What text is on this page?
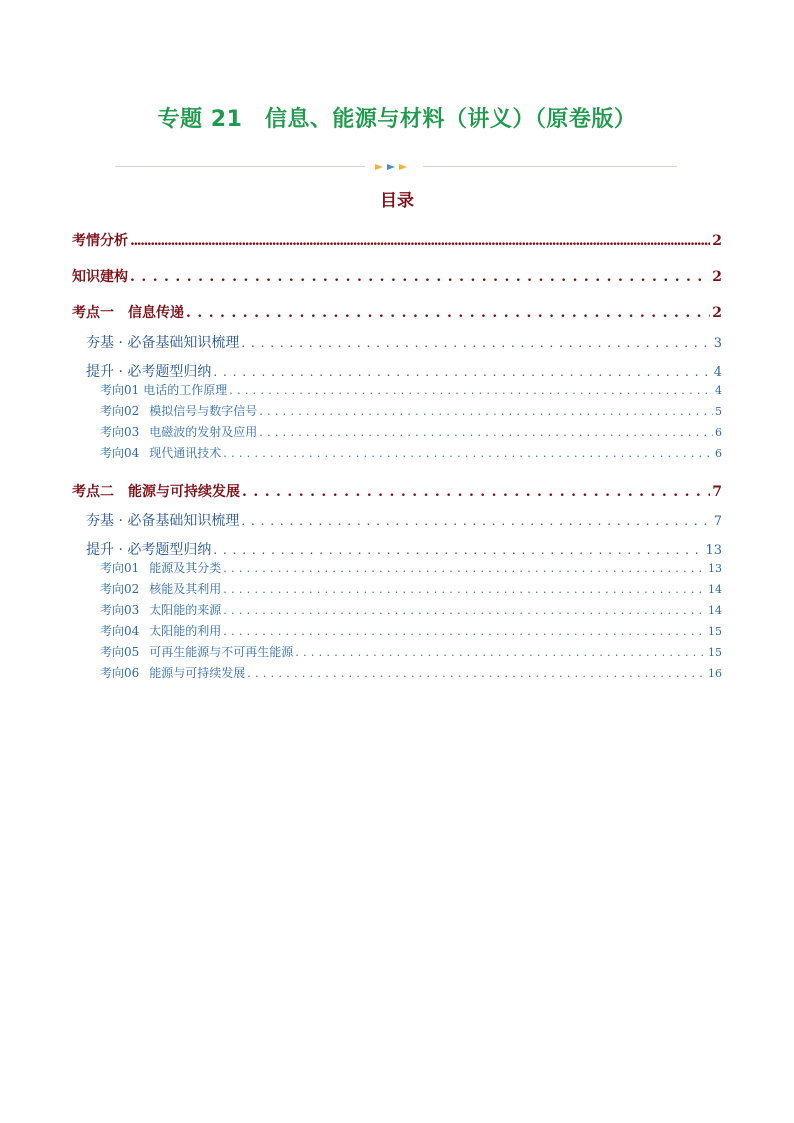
专题 21　信息、能源与材料（讲义）（原卷版）
目录
考情分析 .....	2
知识建构 . . .	2
考点一　信息传递 . . .	2
夯基 · 必备基础知识梳理 . . .	3
提升 · 必考题型归纳 . . .	4
考向01 电话的工作原理 . . .	4
考向02 模拟信号与数字信号 . . .	5
考向03 电磁波的发射及应用 . . .	6
考向04 现代通讯技术 . . .	6
考点二　能源与可持续发展 . . .	7
夯基 · 必备基础知识梳理 . . .	7
提升 · 必考题型归纳 . . .	13
考向01 能源及其分类 . . .	13
考向02 核能及其利用 . . .	14
考向03 太阳能的来源 . . .	14
考向04 太阳能的利用 . . .	15
考向05 可再生能源与不可再生能源 . . .	15
考向06 能源与可持续发展 . . .	16
